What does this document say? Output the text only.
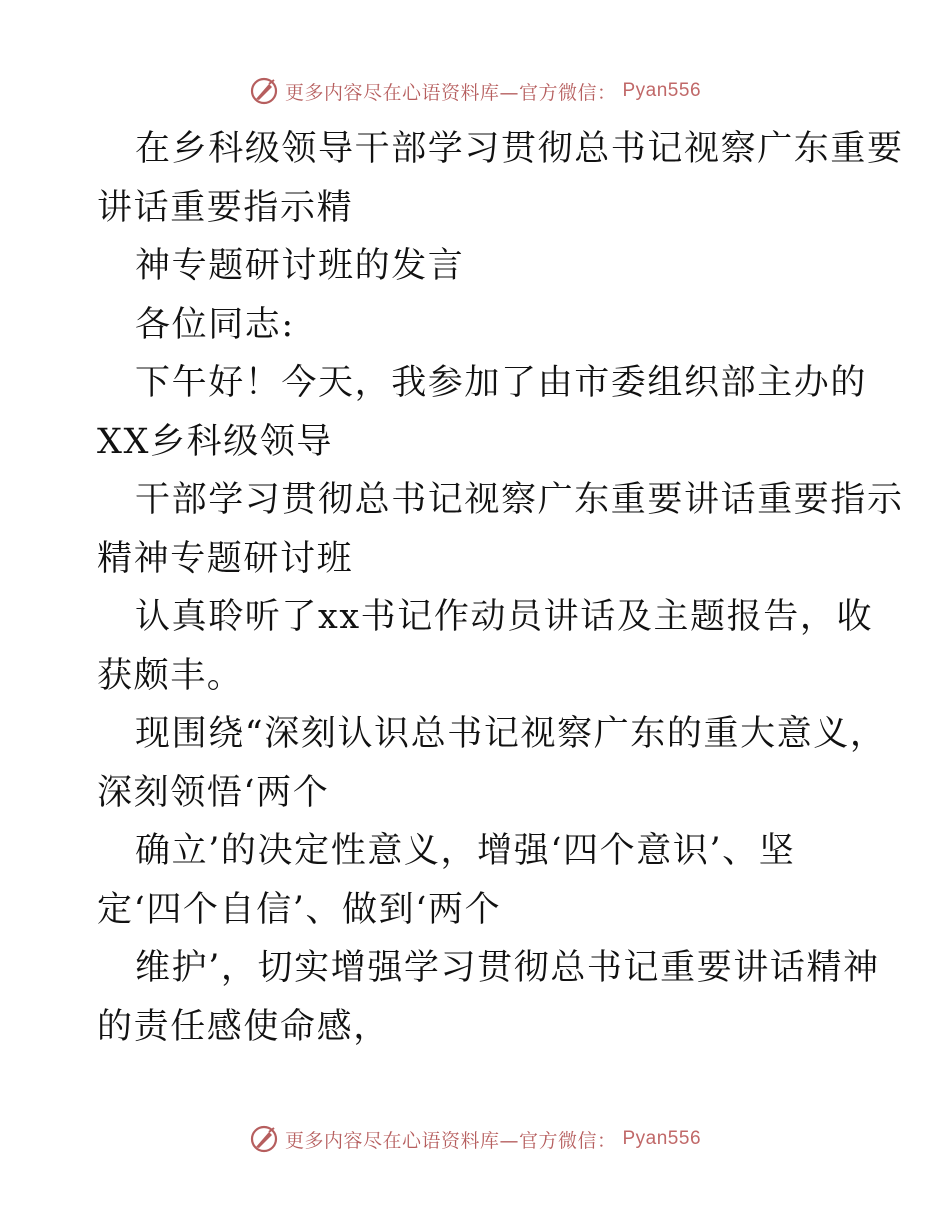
更多内容尽在心语资料库—官方微信： Pyan556
在乡科级领导干部学习贯彻总书记视察广东重要
讲话重要指示精
神专题研讨班的发言
各位同志:
下午好！今天，我参加了由市委组织部主办的
XX乡科级领导
干部学习贯彻总书记视察广东重要讲话重要指示
精神专题研讨班
认真聆听了xx书记作动员讲话及主题报告，收
获颇丰。
现围绕“深刻认识总书记视察广东的重大意义，
深刻领悟‘两个
确立’的决定性意义，增强‘四个意识’、坚
定‘四个自信’、做到‘两个
维护’，切实增强学习贯彻总书记重要讲话精神
的责任感使命感，
更多内容尽在心语资料库—官方微信： Pyan556
